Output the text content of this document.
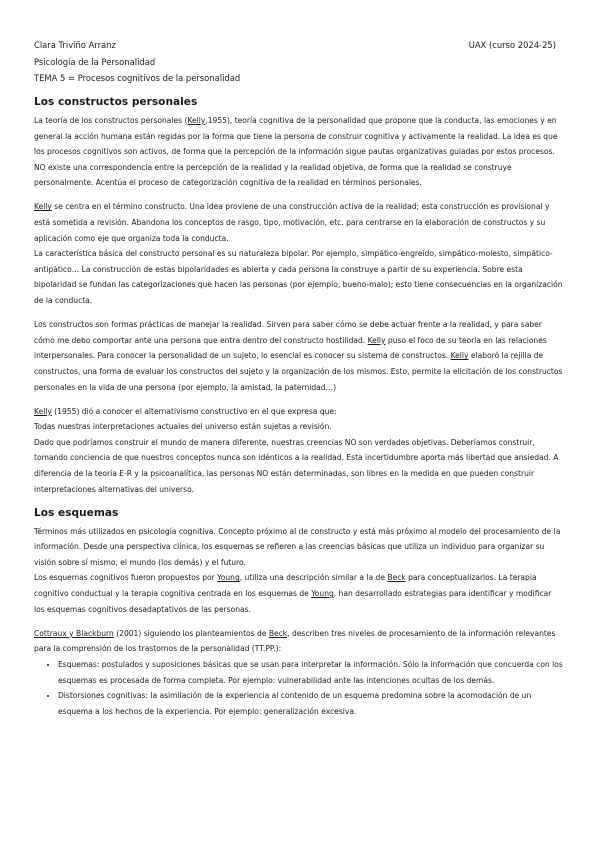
Clara Triviño Arranz
Psicología de la Personalidad
TEMA 5 = Procesos cognitivos de la personalidad
UAX (curso 2024-25)
Los constructos personales

La teoría de los constructos personales (Kelly,1955), teoría cognitiva de la personalidad que propone que la conducta, las emociones y en general la acción humana están regidas por la forma que tiene la persona de construir cognitiva y activamente la realidad. La idea es que los procesos cognitivos son activos, de forma que la percepción de la información sigue pautas organizativas guiadas por estos procesos. NO existe una correspondencia entre la percepción de la realidad y la realidad objetiva, de forma que la realidad se construye personalmente. Acentúa el proceso de categorización cognitiva de la realidad en términos personales.

Kelly se centra en el término constructo. Una idea proviene de una construcción activa de la realidad; esta construcción es provisional y está sometida a revisión. Abandona los conceptos de rasgo, tipo, motivación, etc. para centrarse en la elaboración de constructos y su aplicación como eje que organiza toda la conducta.

La característica básica del constructo personal es su naturaleza bipolar. Por ejemplo, simpático-engreído, simpático-molesto, simpático-antipático… La construcción de estas bipolaridades es abierta y cada persona la construye a partir de su experiencia. Sobre esta bipolaridad se fundan las categorizaciones que hacen las personas (por ejemplo, bueno-malo); esto tiene consecuencias en la organización de la conducta.

Los constructos son formas prácticas de manejar la realidad. Sirven para saber cómo se debe actuar frente a la realidad, y para saber cómo me debo comportar ante una persona que entra dentro del constructo hostilidad. Kelly puso el foco de su teoría en las relaciones interpersonales. Para conocer la personalidad de un sujeto, lo esencial es conocer su sistema de constructos. Kelly elaboró la rejilla de constructos, una forma de evaluar los constructos del sujeto y la organización de los mismos. Esto, permite la elicitación de los constructos personales en la vida de una persona (por ejemplo, la amistad, la paternidad…)

Kelly (1955) dió a conocer el alternativismo constructivo en el que expresa que:

Todas nuestras interpretaciones actuales del universo están sujetas a revisión.

Dado que podríamos construir el mundo de manera diferente, nuestras creencias NO son verdades objetivas. Deberíamos construir, tomando conciencia de que nuestros conceptos nunca son idénticos a la realidad. Esta incertidumbre aporta más libertad que ansiedad. A diferencia de la teoría E-R y la psicoanalítica, las personas NO están determinadas, son libres en la medida en que pueden construir interpretaciones alternativas del universo.

Los esquemas

Términos más utilizados en psicología cognitiva. Concepto próximo al de constructo y está más próximo al modelo del procesamiento de la información. Desde una perspectiva clínica, los esquemas se refieren a las creencias básicas que utiliza un individuo para organizar su visión sobre sí mismo, el mundo (los demás) y el futuro.

Los esquemas cognitivos fueron propuestos por Young, utiliza una descripción similar a la de Beck para conceptualizarlos. La terapia cognitivo conductual y la terapia cognitiva centrada en los esquemas de Young, han desarrollado estrategias para identificar y modificar los esquemas cognitivos desadaptativos de las personas.

Cottraux y Blackburn (2001) siguiendo los planteamientos de Beck, describen tres niveles de procesamiento de la información relevantes para la comprensión de los trastornos de la personalidad (TT.PP.):

• Esquemas: postulados y suposiciones básicas que se usan para interpretar la información. Sólo la información que concuerda con los esquemas es procesada de forma completa. Por ejemplo: vulnerabilidad ante las intenciones ocultas de los demás.
• Distorsiones cognitivas: la asimilación de la experiencia al contenido de un esquema predomina sobre la acomodación de un esquema a los hechos de la experiencia. Por ejemplo: generalización excesiva.
